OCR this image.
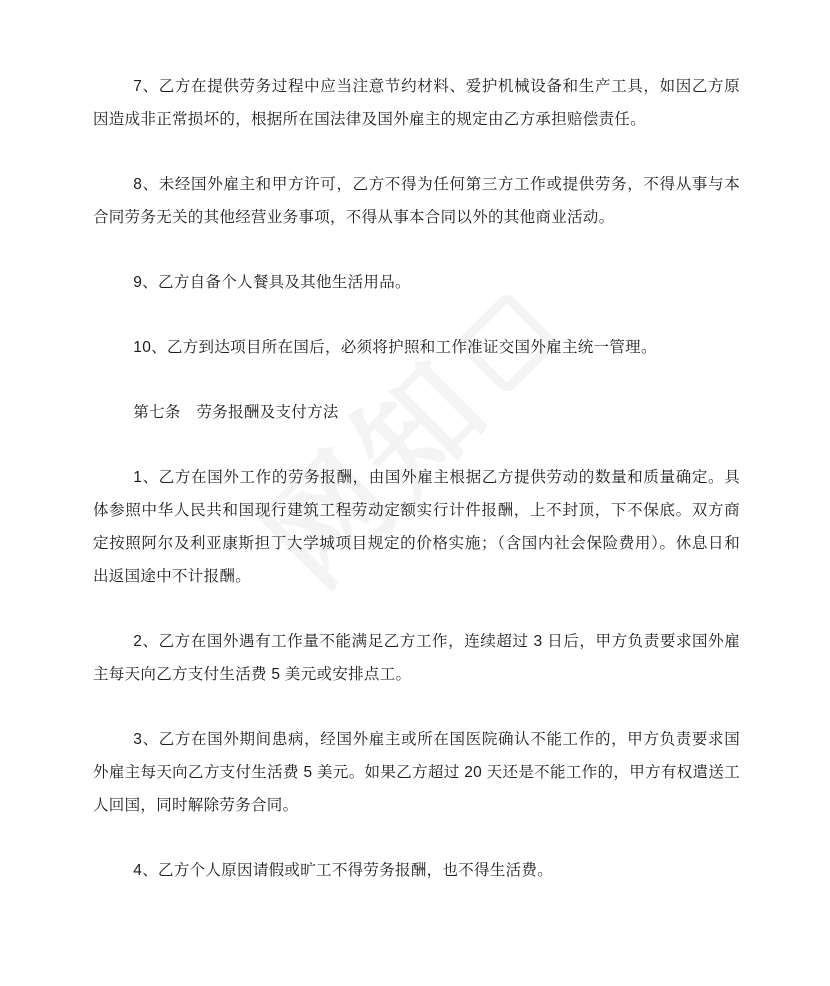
7、乙方在提供劳务过程中应当注意节约材料、爱护机械设备和生产工具，如因乙方原因造成非正常损坏的，根据所在国法律及国外雇主的规定由乙方承担赔偿责任。

8、未经国外雇主和甲方许可，乙方不得为任何第三方工作或提供劳务，不得从事与本合同劳务无关的其他经营业务事项，不得从事本合同以外的其他商业活动。

9、乙方自备个人餐具及其他生活用品。

10、乙方到达项目所在国后，必须将护照和工作准证交国外雇主统一管理。

第七条　劳务报酬及支付方法

1、乙方在国外工作的劳务报酬，由国外雇主根据乙方提供劳动的数量和质量确定。具体参照中华人民共和国现行建筑工程劳动定额实行计件报酬，上不封顶，下不保底。双方商定按照阿尔及利亚康斯担丁大学城项目规定的价格实施；（含国内社会保险费用）。休息日和出返国途中不计报酬。

2、乙方在国外遇有工作量不能满足乙方工作，连续超过 3 日后，甲方负责要求国外雇主每天向乙方支付生活费 5 美元或安排点工。

3、乙方在国外期间患病，经国外雇主或所在国医院确认不能工作的，甲方负责要求国外雇主每天向乙方支付生活费 5 美元。如果乙方超过 20 天还是不能工作的，甲方有权遣送工人回国，同时解除劳务合同。

4、乙方个人原因请假或旷工不得劳务报酬，也不得生活费。
